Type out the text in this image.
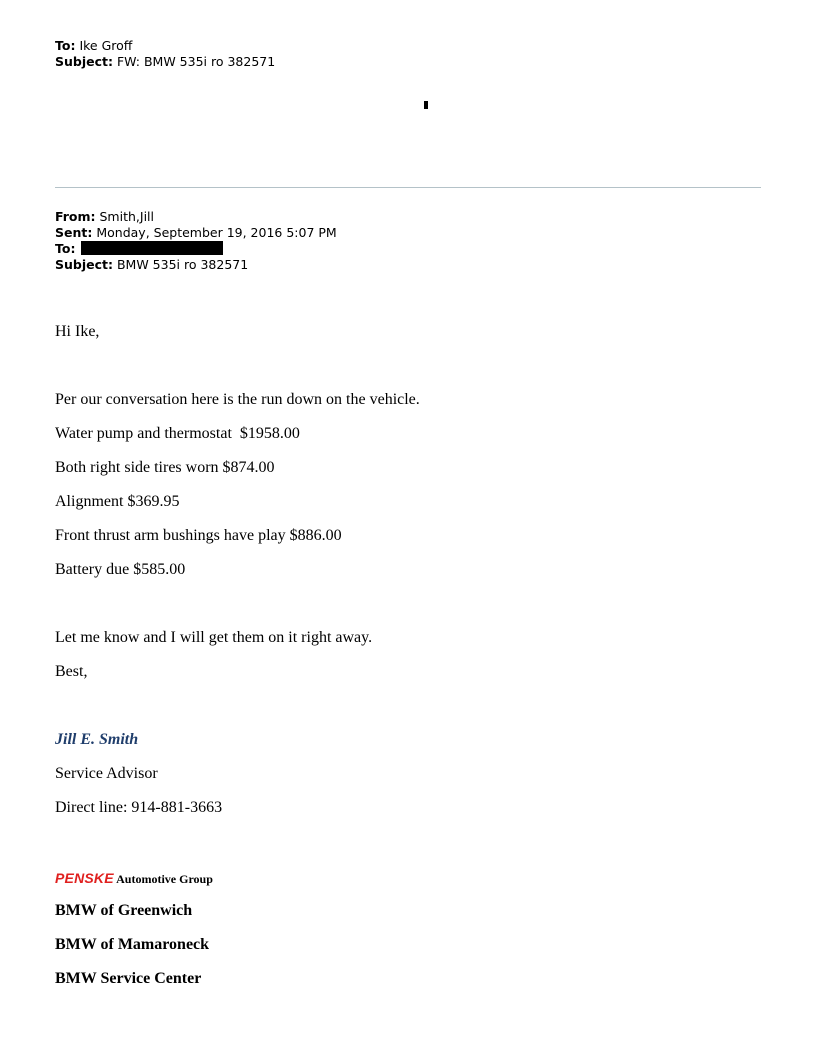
To: Ike Groff
Subject: FW: BMW 535i ro 382571
From: Smith,Jill
Sent: Monday, September 19, 2016 5:07 PM
To:
Subject: BMW 535i ro 382571

Hi Ike,

Per our conversation here is the run down on the vehicle.

Water pump and thermostat  $1958.00

Both right side tires worn $874.00

Alignment $369.95

Front thrust arm bushings have play $886.00

Battery due $585.00

Let me know and I will get them on it right away.

Best,

Jill E. Smith

Service Advisor

Direct line: 914-881-3663

PENSKE Automotive Group

BMW of Greenwich

BMW of Mamaroneck

BMW Service Center
